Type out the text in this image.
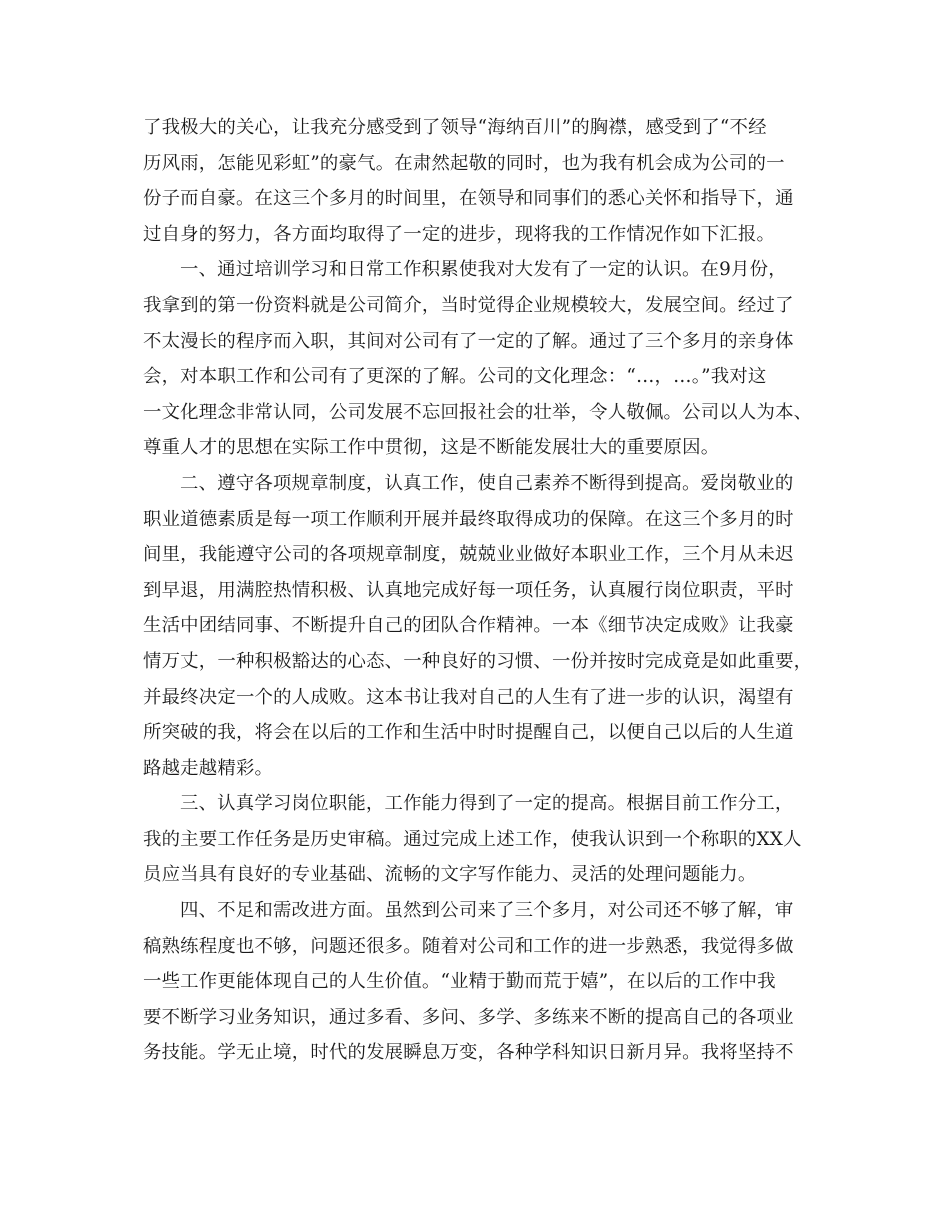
了我极大的关心，让我充分感受到了领导“海纳百川”的胸襟，感受到了“不经
历风雨，怎能见彩虹”的豪气。在肃然起敬的同时，也为我有机会成为公司的一
份子而自豪。在这三个多月的时间里，在领导和同事们的悉心关怀和指导下，通
过自身的努力，各方面均取得了一定的进步，现将我的工作情况作如下汇报。
一、通过培训学习和日常工作积累使我对大发有了一定的认识。在9月份，
我拿到的第一份资料就是公司简介，当时觉得企业规模较大，发展空间。经过了
不太漫长的程序而入职，其间对公司有了一定的了解。通过了三个多月的亲身体
会，对本职工作和公司有了更深的了解。公司的文化理念：“…，…。”我对这
一文化理念非常认同，公司发展不忘回报社会的壮举，令人敬佩。公司以人为本、
尊重人才的思想在实际工作中贯彻，这是不断能发展壮大的重要原因。
二、遵守各项规章制度，认真工作，使自己素养不断得到提高。爱岗敬业的
职业道德素质是每一项工作顺利开展并最终取得成功的保障。在这三个多月的时
间里，我能遵守公司的各项规章制度，兢兢业业做好本职业工作，三个月从未迟
到早退，用满腔热情积极、认真地完成好每一项任务，认真履行岗位职责，平时
生活中团结同事、不断提升自己的团队合作精神。一本《细节决定成败》让我豪
情万丈，一种积极豁达的心态、一种良好的习惯、一份并按时完成竟是如此重要，
并最终决定一个的人成败。这本书让我对自己的人生有了进一步的认识，渴望有
所突破的我，将会在以后的工作和生活中时时提醒自己，以便自己以后的人生道
路越走越精彩。
三、认真学习岗位职能，工作能力得到了一定的提高。根据目前工作分工，
我的主要工作任务是历史审稿。通过完成上述工作，使我认识到一个称职的XX人
员应当具有良好的专业基础、流畅的文字写作能力、灵活的处理问题能力。
四、不足和需改进方面。虽然到公司来了三个多月，对公司还不够了解，审
稿熟练程度也不够，问题还很多。随着对公司和工作的进一步熟悉，我觉得多做
一些工作更能体现自己的人生价值。“业精于勤而荒于嬉”，在以后的工作中我
要不断学习业务知识，通过多看、多问、多学、多练来不断的提高自己的各项业
务技能。学无止境，时代的发展瞬息万变，各种学科知识日新月异。我将坚持不
